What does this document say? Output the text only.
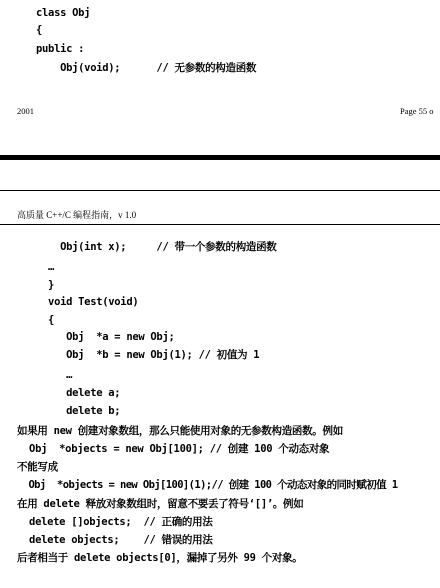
class Obj
{
public :
Obj(void);      // 无参数的构造函数
2001	Page 55 o
高质量 C++/C 编程指南，v 1.0
Obj(int x);     // 带一个参数的构造函数
…
}
void Test(void)
{
Obj  *a = new Obj;
Obj  *b = new Obj(1); // 初值为 1
…
delete a;
delete b;
如果用 new 创建对象数组，那么只能使用对象的无参数构造函数。例如
Obj  *objects = new Obj[100]; // 创建 100 个动态对象
不能写成
Obj  *objects = new Obj[100](1);// 创建 100 个动态对象的同时赋初值 1
在用 delete 释放对象数组时，留意不要丢了符号‘[]’。例如
delete []objects;  // 正确的用法
delete objects;    // 错误的用法
后者相当于 delete objects[0]，漏掉了另外 99 个对象。
